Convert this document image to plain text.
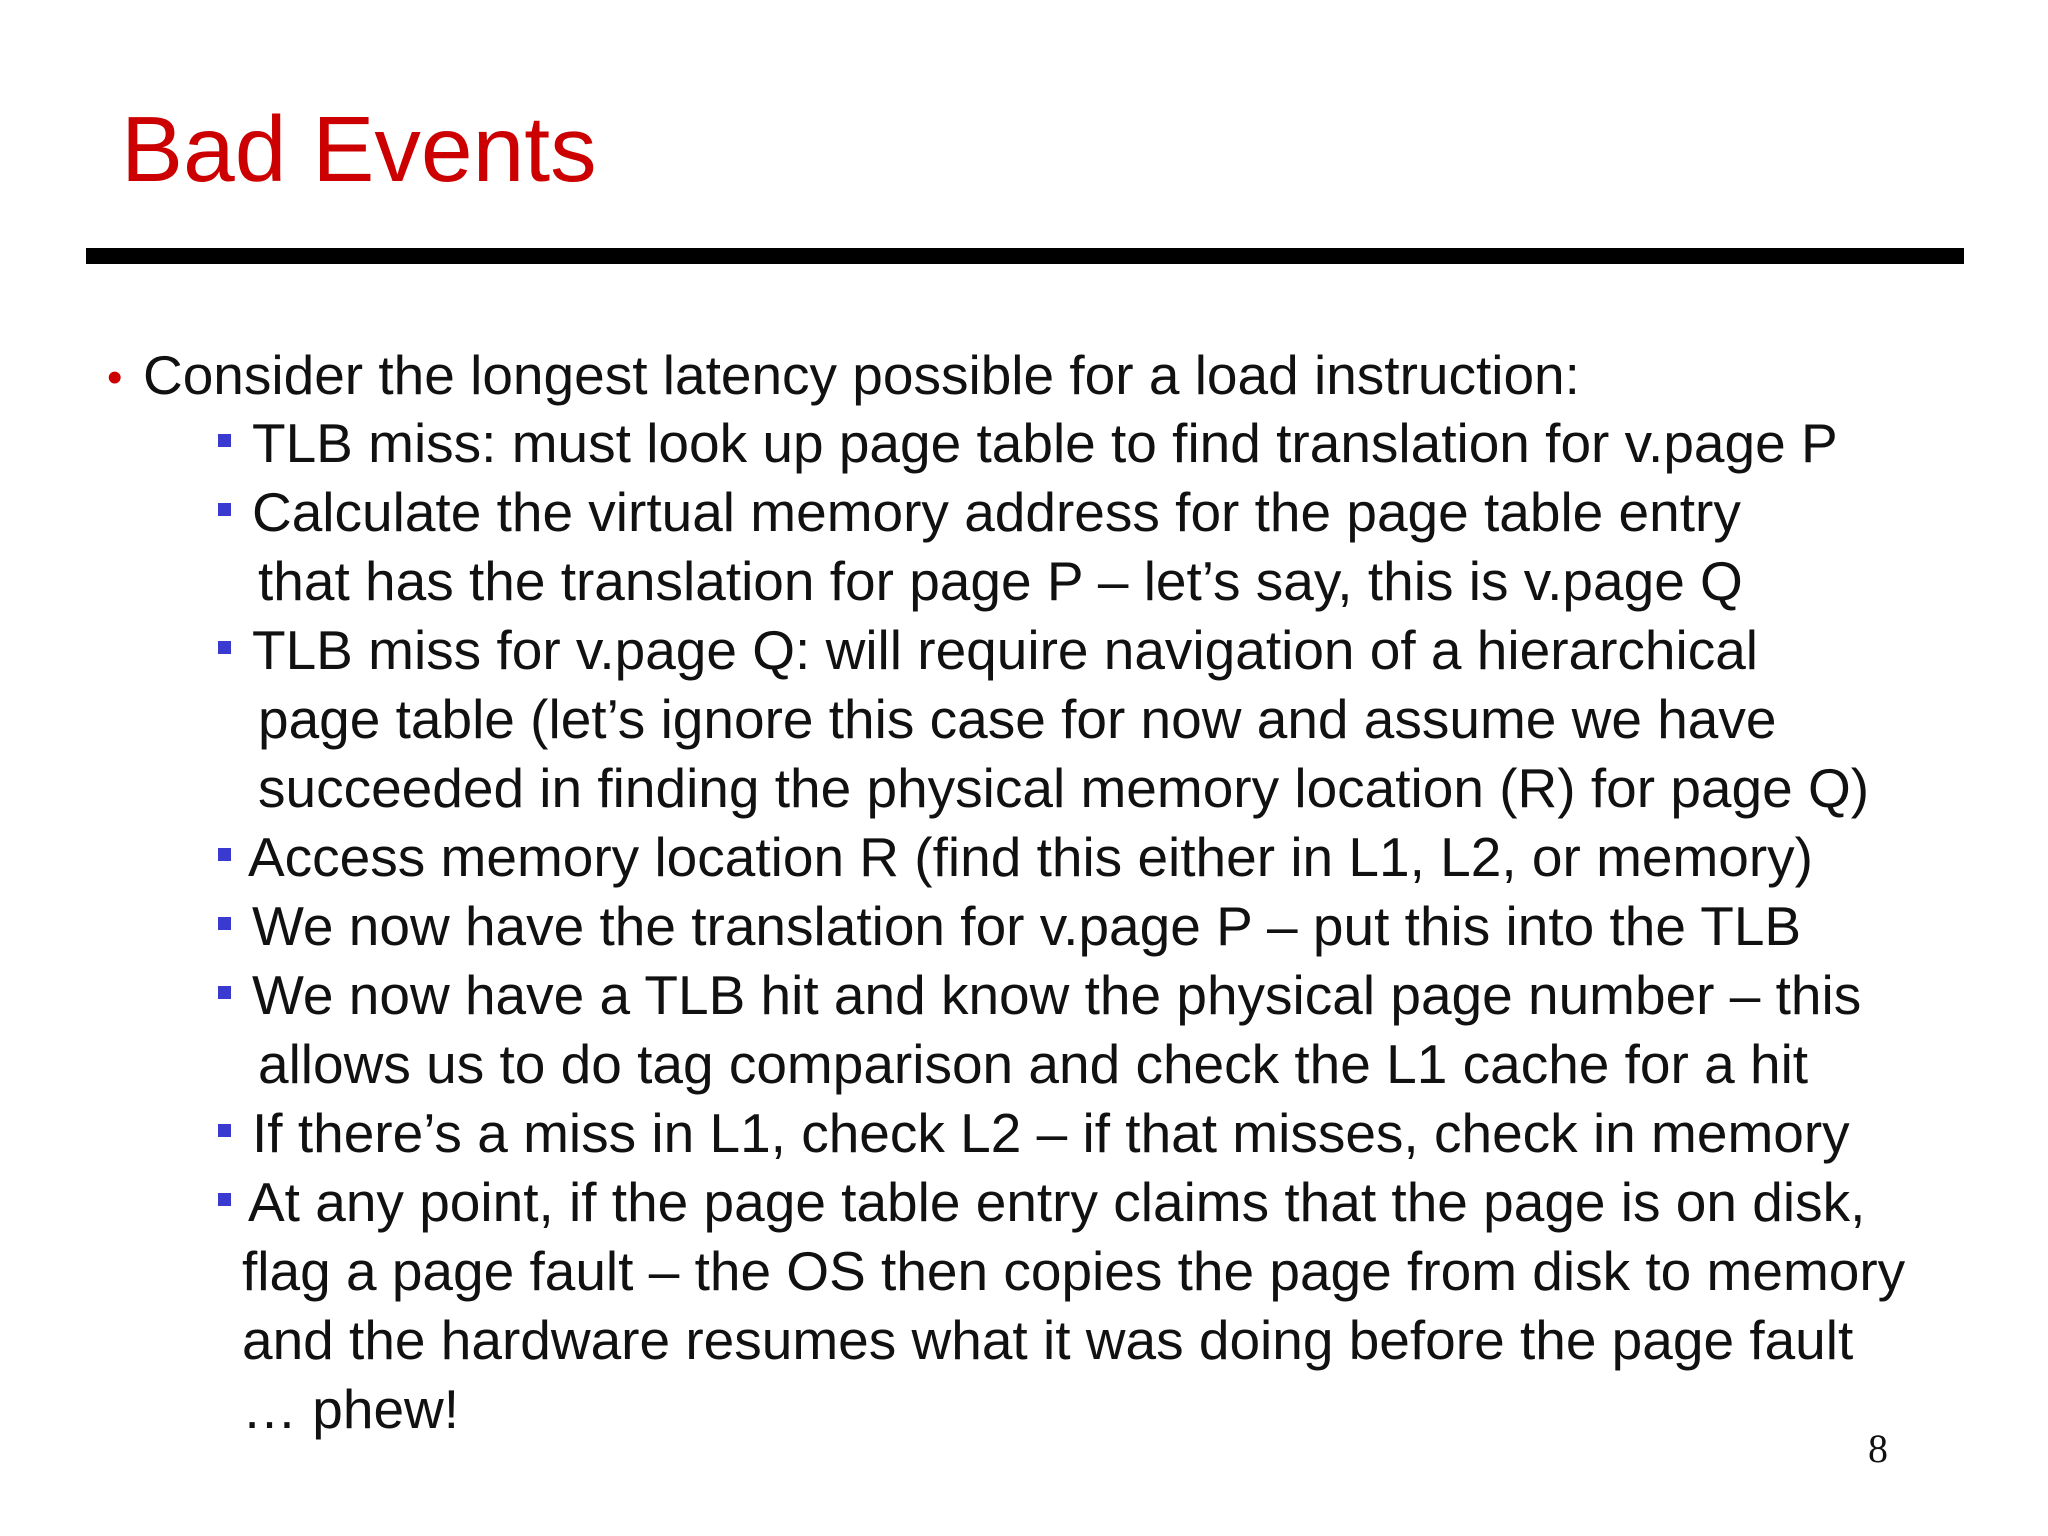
Bad Events
• Consider the longest latency possible for a load instruction:
TLB miss: must look up page table to find translation for v.page P
Calculate the virtual memory address for the page table entry
that has the translation for page P – let’s say, this is v.page Q
TLB miss for v.page Q: will require navigation of a hierarchical
page table (let’s ignore this case for now and assume we have
succeeded in finding the physical memory location (R) for page Q)
Access memory location R (find this either in L1, L2, or memory)
We now have the translation for v.page P – put this into the TLB
We now have a TLB hit and know the physical page number – this
allows us to do tag comparison and check the L1 cache for a hit
If there’s a miss in L1, check L2 – if that misses, check in memory
At any point, if the page table entry claims that the page is on disk,
flag a page fault – the OS then copies the page from disk to memory
and the hardware resumes what it was doing before the page fault
… phew!
8
